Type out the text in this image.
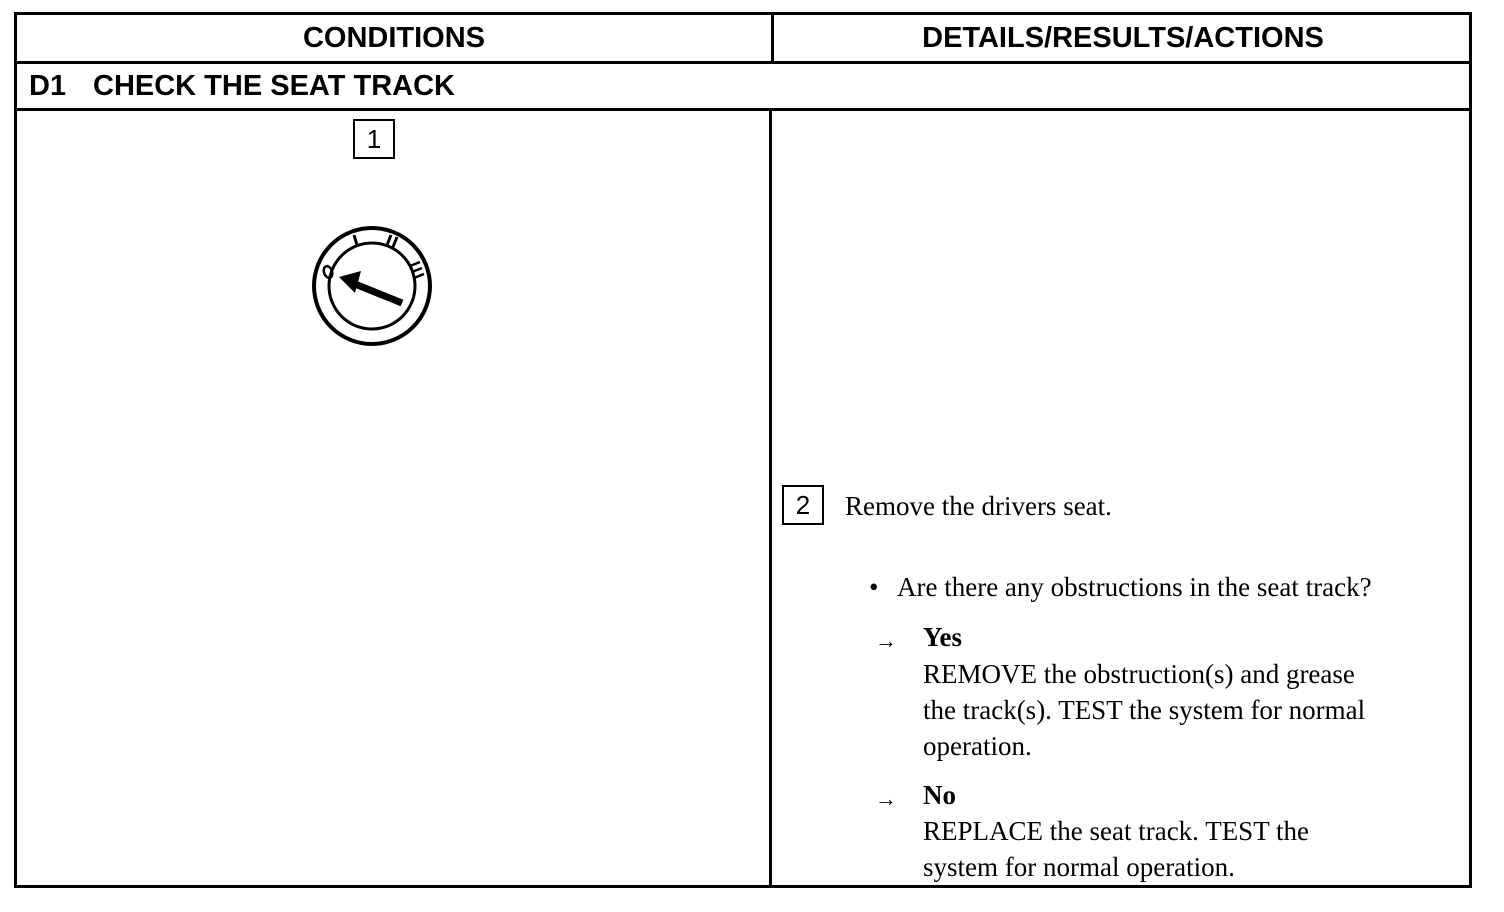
CONDITIONS	DETAILS/RESULTS/ACTIONS
D1 CHECK THE SEAT TRACK
1
2	Remove the drivers seat.
• Are there any obstructions in the seat track?
→ Yes
REMOVE the obstruction(s) and grease
the track(s). TEST the system for normal
operation.
→ No
REPLACE the seat track. TEST the
system for normal operation.
